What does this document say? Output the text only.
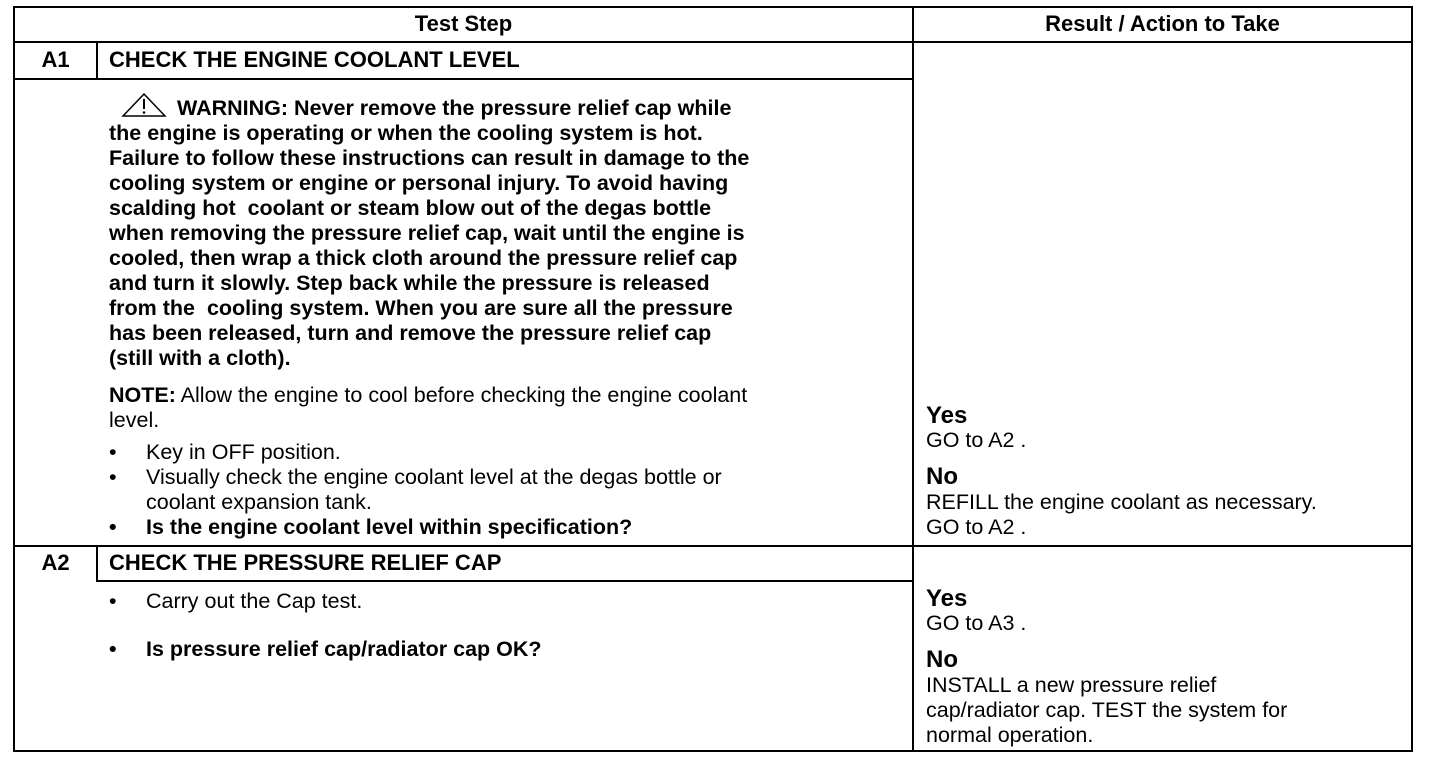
Test Step	Result / Action to Take
A1	CHECK THE ENGINE COOLANT LEVEL
WARNING: Never remove the pressure relief cap while
the engine is operating or when the cooling system is hot.
Failure to follow these instructions can result in damage to the
cooling system or engine or personal injury. To avoid having
scalding hot  coolant or steam blow out of the degas bottle
when removing the pressure relief cap, wait until the engine is
cooled, then wrap a thick cloth around the pressure relief cap
and turn it slowly. Step back while the pressure is released
from the  cooling system. When you are sure all the pressure
has been released, turn and remove the pressure relief cap
(still with a cloth).
NOTE: Allow the engine to cool before checking the engine coolant
level.
•	Key in OFF position.
•	Visually check the engine coolant level at the degas bottle or
coolant expansion tank.
•	Is the engine coolant level within specification?
Yes
GO to A2 .
No
REFILL the engine coolant as necessary.
GO to A2 .
A2	CHECK THE PRESSURE RELIEF CAP
•	Carry out the Cap test.
•	Is pressure relief cap/radiator cap OK?
Yes
GO to A3 .
No
INSTALL a new pressure relief
cap/radiator cap. TEST the system for
normal operation.
